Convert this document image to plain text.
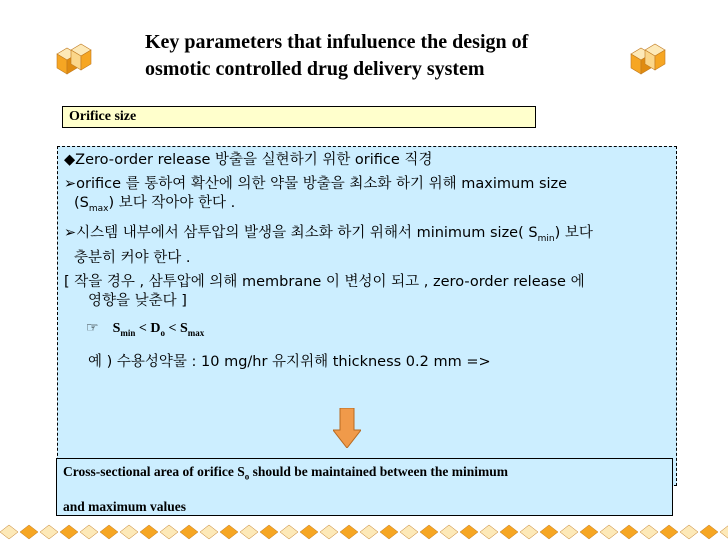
Key parameters that infuluence the design of
osmotic controlled drug delivery system
Orifice size

◆Zero-order release 방출을 실현하기 위한 orifice 직경

➢orifice 를 통하여 확산에 의한 약물 방출을 최소화 하기 위해 maximum size

$(S_{max})$ 보다 작아야 한다 .

➢시스템 내부에서 삼투압의 발생을 최소화 하기 위해서 minimum size( $S_{min}$) 보다

충분히 커야 한다 .

[ 작을 경우 , 삼투압에 의해 membrane 이 변성이 되고 , zero-order release 에

영향을 낮춘다 ]

☞ $S_{min} < D_o < S_{max}$

예 ) 수용성약물 : 10 mg/hr 유지위해 thickness 0.2 mm =>

Cross-sectional area of orifice $S_o$ should be maintained between the minimum
and maximum values
